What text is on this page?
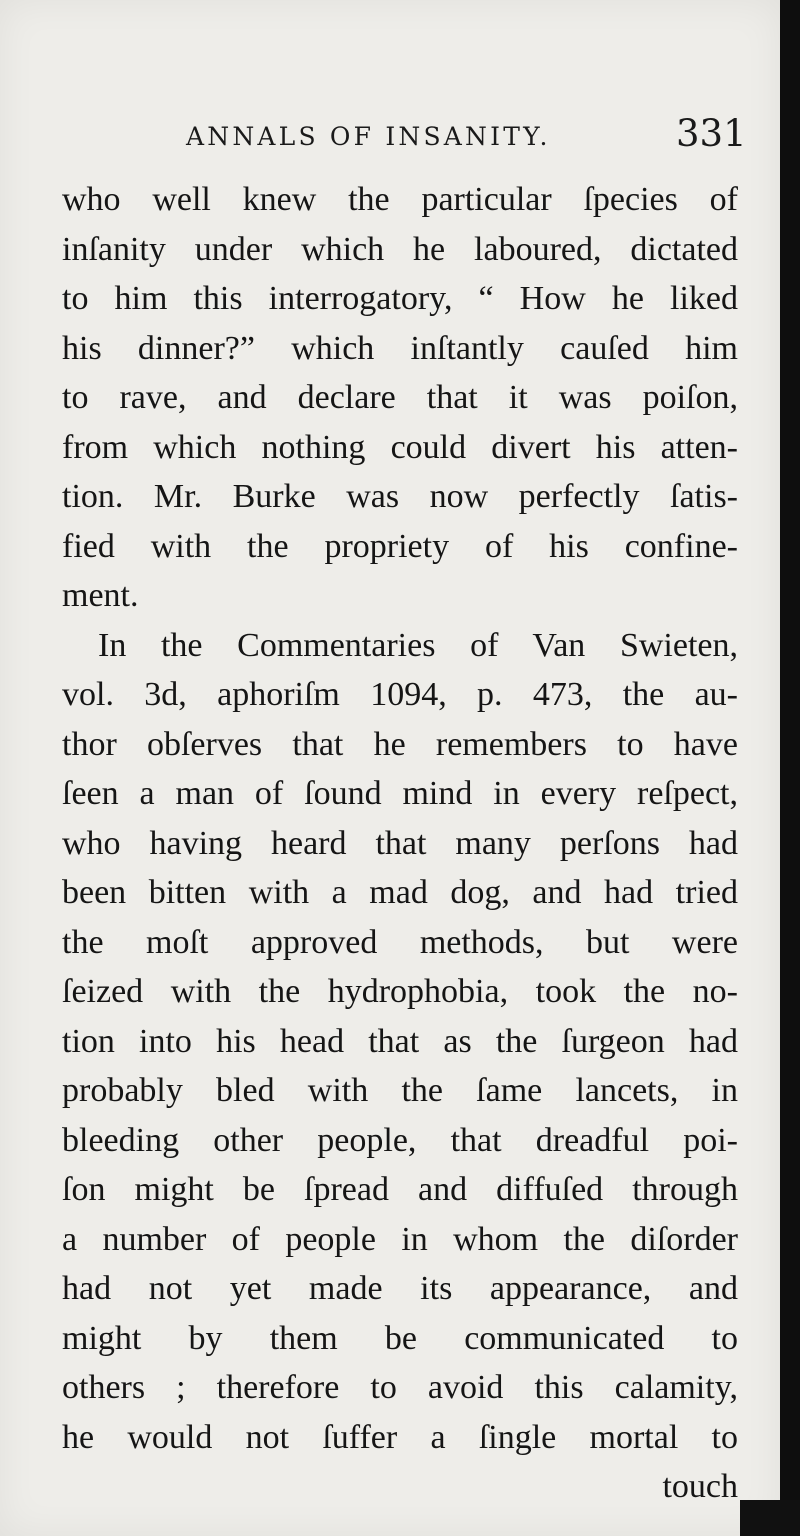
ANNALS OF INSANITY.	331
who well knew the particular ſpecies of
inſanity under which he laboured, dictated
to him this interrogatory, “ How he liked
his dinner?” which inſtantly cauſed him
to rave, and declare that it was poiſon,
from which nothing could divert his atten-
tion. Mr. Burke was now perfectly ſatis-
fied with the propriety of his confine-
ment.
In the Commentaries of Van Swieten,
vol. 3d, aphoriſm 1094, p. 473, the au-
thor obſerves that he remembers to have
ſeen a man of ſound mind in every reſpect,
who having heard that many perſons had
been bitten with a mad dog, and had tried
the moſt approved methods, but were
ſeized with the hydrophobia, took the no-
tion into his head that as the ſurgeon had
probably bled with the ſame lancets, in
bleeding other people, that dreadful poi-
ſon might be ſpread and diffuſed through
a number of people in whom the diſorder
had not yet made its appearance, and
might by them be communicated to
others ; therefore to avoid this calamity,
he would not ſuffer a ſingle mortal to
touch
